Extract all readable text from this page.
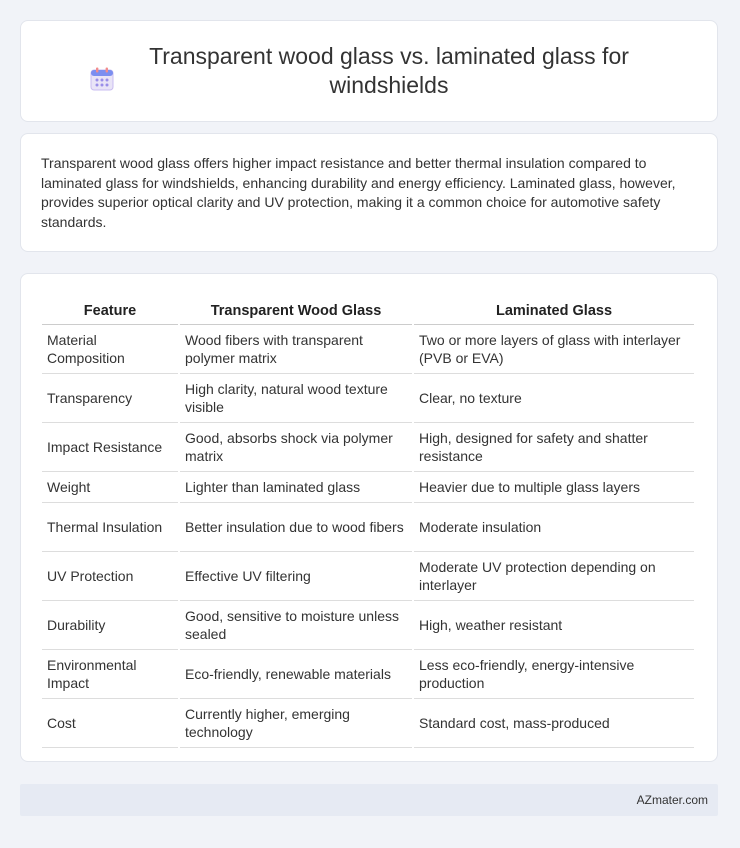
Transparent wood glass vs. laminated glass for windshields

Transparent wood glass offers higher impact resistance and better thermal insulation compared to laminated glass for windshields, enhancing durability and energy efficiency. Laminated glass, however, provides superior optical clarity and UV protection, making it a common choice for automotive safety standards.

Feature	Transparent Wood Glass	Laminated Glass
Material Composition	Wood fibers with transparent polymer matrix	Two or more layers of glass with interlayer (PVB or EVA)
Transparency	High clarity, natural wood texture visible	Clear, no texture
Impact Resistance	Good, absorbs shock via polymer matrix	High, designed for safety and shatter resistance
Weight	Lighter than laminated glass	Heavier due to multiple glass layers
Thermal Insulation	Better insulation due to wood fibers	Moderate insulation
UV Protection	Effective UV filtering	Moderate UV protection depending on interlayer
Durability	Good, sensitive to moisture unless sealed	High, weather resistant
Environmental Impact	Eco-friendly, renewable materials	Less eco-friendly, energy-intensive production
Cost	Currently higher, emerging technology	Standard cost, mass-produced
AZmater.com
